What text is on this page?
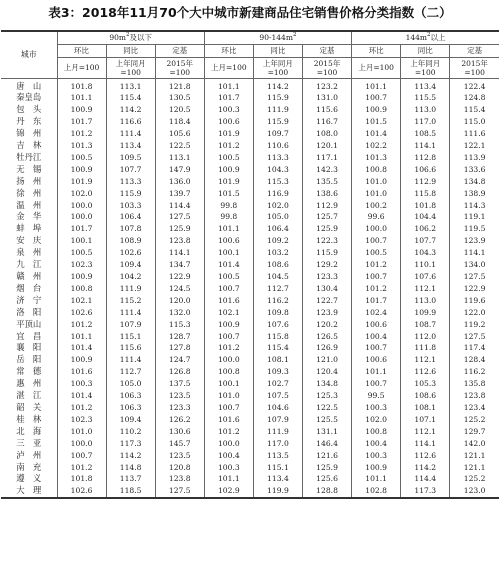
表3：2018年11月70个大中城市新建商品住宅销售价格分类指数（二）
城市	$90m^2$及以下			$90-144m^2$			$144m^2$以上		
	环比	同比	定基	环比	同比	定基	环比	同比	定基
	上月=100	上年同月=100	2015年=100	上月=100	上年同月=100	2015年=100	上月=100	上年同月=100	2015年=100
唐　山	101.8	113.1	121.8	101.1	114.2	123.2	101.1	113.4	122.4
秦皇岛	101.1	115.4	130.5	101.7	115.9	131.0	100.7	115.5	124.8
包　头	100.9	114.2	120.5	100.3	111.9	115.6	100.9	113.0	115.4
丹　东	101.7	116.6	118.4	100.6	115.9	116.7	101.5	117.0	115.0
锦　州	101.2	111.4	105.6	101.9	109.7	108.0	101.4	108.5	111.6
吉　林	101.3	113.4	122.5	101.2	110.6	120.1	102.2	114.1	122.1
牡丹江	100.5	109.5	113.1	100.5	113.3	117.1	101.3	112.8	113.9
无　锡	100.9	107.7	147.9	100.9	104.3	142.3	100.8	106.6	133.6
扬　州	101.9	113.3	136.0	101.9	115.3	135.5	101.0	112.9	134.8
徐　州	102.0	115.9	139.7	101.5	116.9	138.6	101.0	115.8	138.9
温　州	100.0	103.3	114.4	99.8	102.0	112.9	100.2	101.8	114.3
金　华	100.0	106.4	127.5	99.8	105.0	125.7	99.6	104.4	119.1
蚌　埠	101.7	107.8	125.9	101.1	106.4	125.9	100.0	106.2	119.5
安　庆	100.1	108.9	123.8	100.6	109.2	122.3	100.7	107.7	123.9
泉　州	100.5	102.6	114.1	100.1	103.2	115.9	100.5	104.3	114.1
九　江	102.3	109.4	134.7	101.4	108.6	129.2	101.2	110.1	134.0
赣　州	100.9	104.2	122.9	100.5	104.5	123.3	100.7	107.6	127.5
烟　台	100.8	111.9	124.5	100.7	112.7	130.4	101.2	112.1	122.9
济　宁	102.1	115.2	120.0	101.6	116.2	122.7	101.7	113.0	119.6
洛　阳	102.6	111.4	132.0	102.1	109.8	123.9	102.4	109.9	122.0
平顶山	101.2	107.9	115.3	100.9	107.6	120.2	100.6	108.7	119.2
宜　昌	101.1	115.1	128.7	100.7	115.8	126.5	100.4	112.0	127.5
襄　阳	101.4	115.6	127.8	101.2	115.4	126.9	100.7	111.8	117.4
岳　阳	100.9	111.4	124.7	100.0	108.1	121.0	100.6	112.1	128.4
常　德	101.6	112.7	126.8	100.8	109.3	120.4	101.1	112.6	116.2
惠　州	100.3	105.0	137.5	100.1	102.7	134.8	100.7	105.3	135.8
湛　江	101.4	106.3	123.5	101.0	107.5	125.3	99.5	108.6	123.8
韶　关	101.2	106.3	123.3	100.7	104.6	122.5	100.3	108.1	123.4
桂　林	102.3	109.4	126.2	101.6	107.9	125.5	102.0	107.1	125.2
北　海	101.0	110.2	130.6	101.2	111.9	131.1	100.8	112.1	129.7
三　亚	100.0	117.3	145.7	100.0	117.0	146.4	100.4	114.1	142.0
泸　州	100.7	114.2	123.5	100.4	113.5	121.6	100.3	112.6	121.1
南　充	101.2	114.8	120.8	100.3	115.1	125.9	100.9	114.2	121.1
遵　义	101.8	113.7	123.8	101.1	113.4	125.6	101.1	114.4	125.2
大　理	102.6	118.5	127.5	102.9	119.9	128.8	102.8	117.3	123.0
